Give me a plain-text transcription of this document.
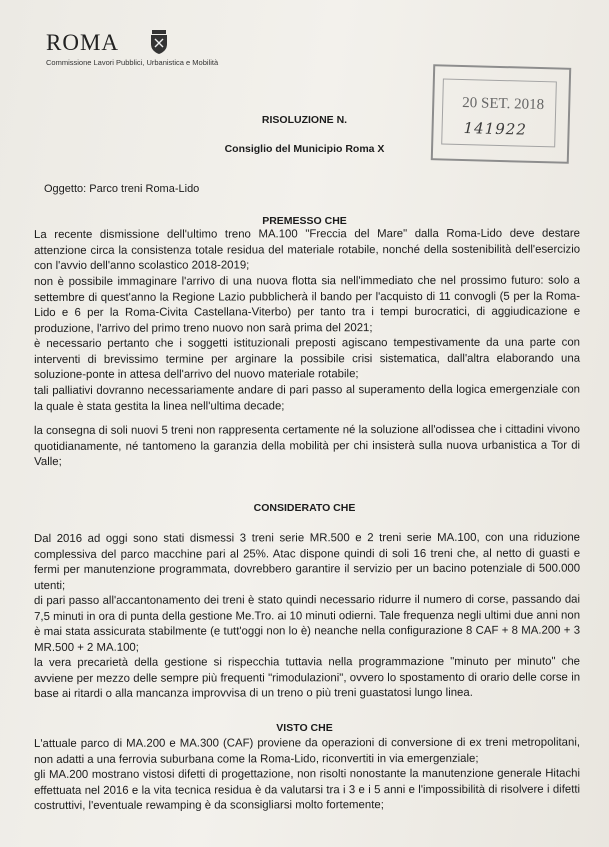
ROMA
Commissione Lavori Pubblici, Urbanistica e Mobilità
20 SET. 2018
141922
RISOLUZIONE N.
Consiglio del Municipio Roma X
Oggetto: Parco treni Roma-Lido
PREMESSO CHE

La recente dismissione dell'ultimo treno MA.100 "Freccia del Mare" dalla Roma-Lido deve destare attenzione circa la consistenza totale residua del materiale rotabile, nonché della sostenibilità dell'esercizio con l'avvio dell'anno scolastico 2018-2019;

non è possibile immaginare l'arrivo di una nuova flotta sia nell'immediato che nel prossimo futuro: solo a settembre di quest'anno la Regione Lazio pubblicherà il bando per l'acquisto di 11 convogli (5 per la Roma-Lido e 6 per la Roma-Civita Castellana-Viterbo) per tanto tra i tempi burocratici, di aggiudicazione e produzione, l'arrivo del primo treno nuovo non sarà prima del 2021;

è necessario pertanto che i soggetti istituzionali preposti agiscano tempestivamente da una parte con interventi di brevissimo termine per arginare la possibile crisi sistematica, dall'altra elaborando una soluzione-ponte in attesa dell'arrivo del nuovo materiale rotabile;

tali palliativi dovranno necessariamente andare di pari passo al superamento della logica emergenziale con la quale è stata gestita la linea nell'ultima decade;

la consegna di soli nuovi 5 treni non rappresenta certamente né la soluzione all'odissea che i cittadini vivono quotidianamente, né tantomeno la garanzia della mobilità per chi insisterà sulla nuova urbanistica a Tor di Valle;

CONSIDERATO CHE

Dal 2016 ad oggi sono stati dismessi 3 treni serie MR.500 e 2 treni serie MA.100, con una riduzione complessiva del parco macchine pari al 25%. Atac dispone quindi di soli 16 treni che, al netto di guasti e fermi per manutenzione programmata, dovrebbero garantire il servizio per un bacino potenziale di 500.000 utenti;

di pari passo all'accantonamento dei treni è stato quindi necessario ridurre il numero di corse, passando dai 7,5 minuti in ora di punta della gestione Me.Tro. ai 10 minuti odierni. Tale frequenza negli ultimi due anni non è mai stata assicurata stabilmente (e tutt'oggi non lo è) neanche nella configurazione 8 CAF + 8 MA.200 + 3 MR.500 + 2 MA.100;

la vera precarietà della gestione si rispecchia tuttavia nella programmazione "minuto per minuto" che avviene per mezzo delle sempre più frequenti "rimodulazioni", ovvero lo spostamento di orario delle corse in base ai ritardi o alla mancanza improvvisa di un treno o più treni guastatosi lungo linea.

VISTO CHE

L'attuale parco di MA.200 e MA.300 (CAF) proviene da operazioni di conversione di ex treni metropolitani, non adatti a una ferrovia suburbana come la Roma-Lido, riconvertiti in via emergenziale;

gli MA.200 mostrano vistosi difetti di progettazione, non risolti nonostante la manutenzione generale Hitachi effettuata nel 2016 e la vita tecnica residua è da valutarsi tra i 3 e i 5 anni e l'impossibilità di risolvere i difetti costruttivi, l'eventuale rewamping è da sconsigliarsi molto fortemente;
